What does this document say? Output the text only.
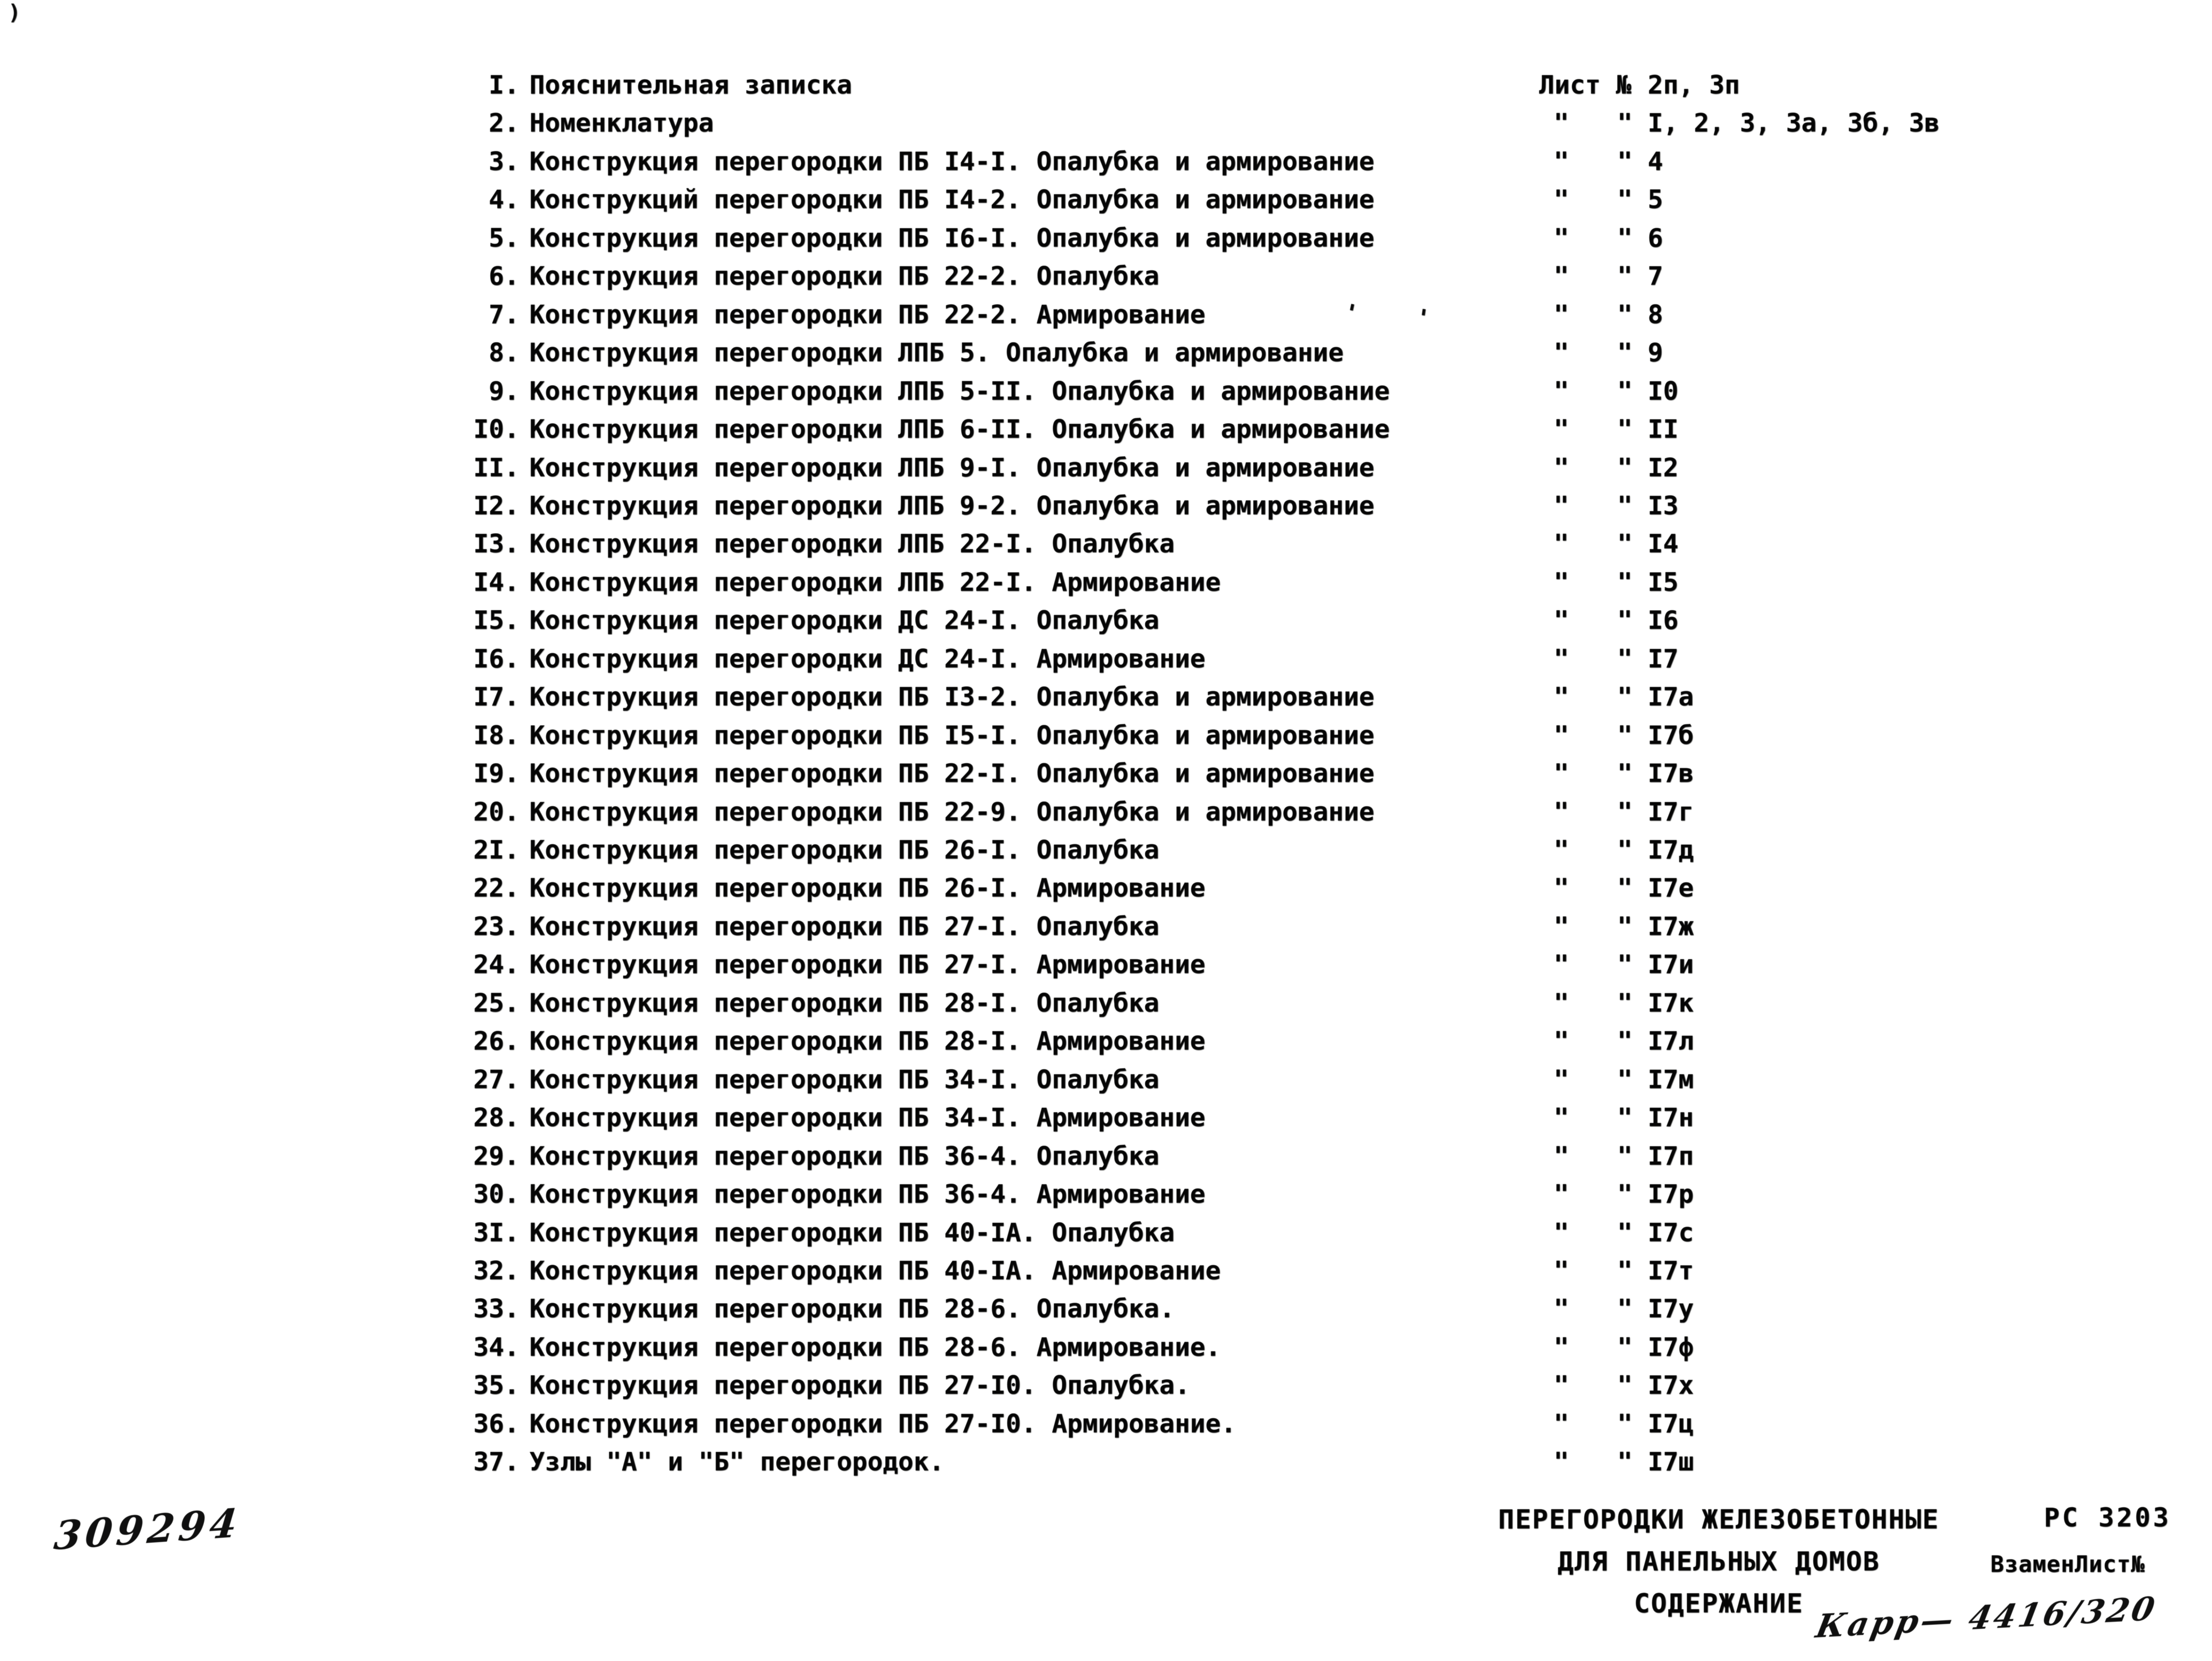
)
' '
I. Пояснительная записка	Лист № 2п, 3п
2. Номенклатура	" " I, 2, 3, 3а, 3б, 3в
3. Конструкция перегородки ПБ I4-I. Опалубка и армирование	" " 4
4. Конструкций перегородки ПБ I4-2. Опалубка и армирование	" " 5
5. Конструкция перегородки ПБ I6-I. Опалубка и армирование	" " 6
6. Конструкция перегородки ПБ 22-2. Опалубка	" " 7
7. Конструкция перегородки ПБ 22-2. Армирование	" " 8
8. Конструкция перегородки ЛПБ 5. Опалубка и армирование	" " 9
9. Конструкция перегородки ЛПБ 5-II. Опалубка и армирование	" " I0
I0. Конструкция перегородки ЛПБ 6-II. Опалубка и армирование	" " II
II. Конструкция перегородки ЛПБ 9-I. Опалубка и армирование	" " I2
I2. Конструкция перегородки ЛПБ 9-2. Опалубка и армирование	" " I3
I3. Конструкция перегородки ЛПБ 22-I. Опалубка	" " I4
I4. Конструкция перегородки ЛПБ 22-I. Армирование	" " I5
I5. Конструкция перегородки ДС 24-I. Опалубка	" " I6
I6. Конструкция перегородки ДС 24-I. Армирование	" " I7
I7. Конструкция перегородки ПБ I3-2. Опалубка и армирование	" " I7а
I8. Конструкция перегородки ПБ I5-I. Опалубка и армирование	" " I7б
I9. Конструкция перегородки ПБ 22-I. Опалубка и армирование	" " I7в
20. Конструкция перегородки ПБ 22-9. Опалубка и армирование	" " I7г
2I. Конструкция перегородки ПБ 26-I. Опалубка	" " I7д
22. Конструкция перегородки ПБ 26-I. Армирование	" " I7е
23. Конструкция перегородки ПБ 27-I. Опалубка	" " I7ж
24. Конструкция перегородки ПБ 27-I. Армирование	" " I7и
25. Конструкция перегородки ПБ 28-I. Опалубка	" " I7к
26. Конструкция перегородки ПБ 28-I. Армирование	" " I7л
27. Конструкция перегородки ПБ 34-I. Опалубка	" " I7м
28. Конструкция перегородки ПБ 34-I. Армирование	" " I7н
29. Конструкция перегородки ПБ 36-4. Опалубка	" " I7п
30. Конструкция перегородки ПБ 36-4. Армирование	" " I7р
3I. Конструкция перегородки ПБ 40-IА. Опалубка	" " I7с
32. Конструкция перегородки ПБ 40-IА. Армирование	" " I7т
33. Конструкция перегородки ПБ 28-6. Опалубка.	" " I7у
34. Конструкция перегородки ПБ 28-6. Армирование.	" " I7ф
35. Конструкция перегородки ПБ 27-I0. Опалубка.	" " I7х
36. Конструкция перегородки ПБ 27-I0. Армирование.	" " I7ц
37. Узлы "А" и "Б" перегородок.	" " I7ш
ПЕРЕГОРОДКИ ЖЕЛЕЗОБЕТОННЫЕ
ДЛЯ ПАНЕЛЬНЫХ ДОМОВ
СОДЕРЖАНИЕ
РС 3203
ВзаменЛист№
309294
Карр— 4416/320
